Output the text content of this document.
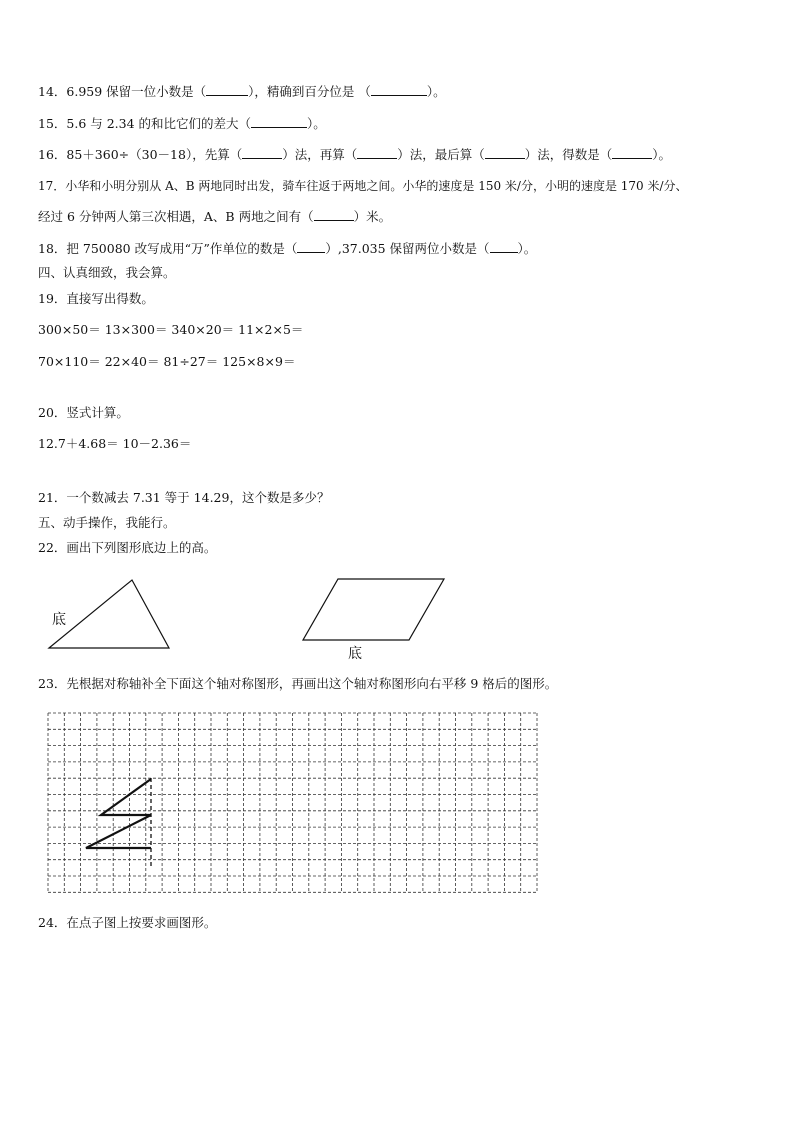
14．6.959 保留一位小数是（	），精确到百分位是 （	）。
15．5.6 与 2.34 的和比它们的差大（	）。
16．85＋360÷（30－18），先算（	）法，再算（	）法，最后算（	）法，得数是（	）。
17．小华和小明分别从 A、B 两地同时出发，骑车往返于两地之间。小华的速度是 150 米/分，小明的速度是 170 米/分、
经过 6 分钟两人第三次相遇，A、B 两地之间有（	）米。
18．把 750080 改写成用“万”作单位的数是（ ）,37.035 保留两位小数是（ ）。
四、认真细致，我会算。
19．直接写出得数。
300×50＝ 13×300＝ 340×20＝ 11×2×5＝
70×110＝ 22×40＝ 81÷27＝ 125×8×9＝
20．竖式计算。
12.7＋4.68＝ 10－2.36＝
21．一个数减去 7.31 等于 14.29，这个数是多少？
五、动手操作，我能行。
22．画出下列图形底边上的高。
底
底
23．先根据对称轴补全下面这个轴对称图形，再画出这个轴对称图形向右平移 9 格后的图形。
24．在点子图上按要求画图形。
